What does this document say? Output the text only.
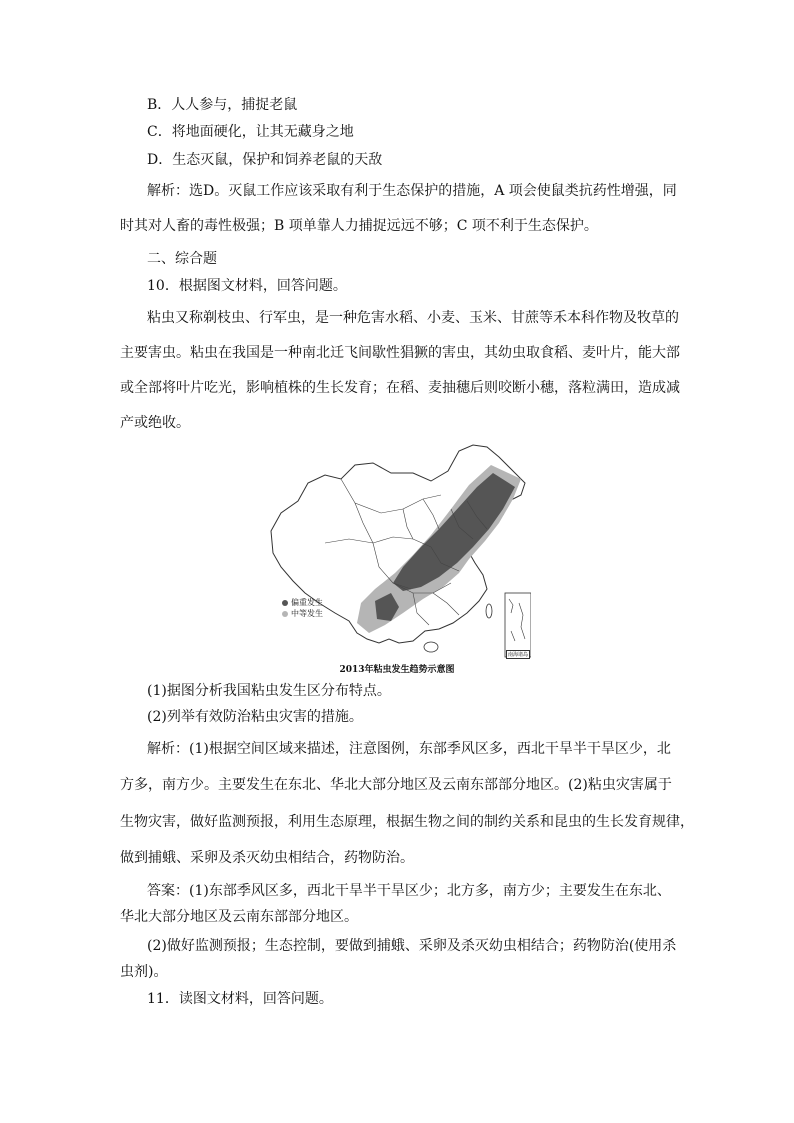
B．人人参与，捕捉老鼠
C．将地面硬化，让其无藏身之地
D．生态灭鼠，保护和饲养老鼠的天敌
解析：选D。灭鼠工作应该采取有利于生态保护的措施，A 项会使鼠类抗药性增强，同
时其对人畜的毒性极强；B 项单靠人力捕捉远远不够；C 项不利于生态保护。
二、综合题
10．根据图文材料，回答问题。
粘虫又称剃枝虫、行军虫，是一种危害水稻、小麦、玉米、甘蔗等禾本科作物及牧草的
主要害虫。粘虫在我国是一种南北迁飞间歇性猖獗的害虫，其幼虫取食稻、麦叶片，能大部
或全部将叶片吃光，影响植株的生长发育；在稻、麦抽穗后则咬断小穗，落粒满田，造成减
产或绝收。
偏重发生
中等发生
南海诸岛
2013年粘虫发生趋势示意图
(1)据图分析我国粘虫发生区分布特点。
(2)列举有效防治粘虫灾害的措施。
解析：(1)根据空间区域来描述，注意图例，东部季风区多，西北干旱半干旱区少，北
方多，南方少。主要发生在东北、华北大部分地区及云南东部部分地区。(2)粘虫灾害属于
生物灾害，做好监测预报，利用生态原理，根据生物之间的制约关系和昆虫的生长发育规律，
做到捕蛾、采卵及杀灭幼虫相结合，药物防治。
答案：(1)东部季风区多，西北干旱半干旱区少；北方多，南方少；主要发生在东北、
华北大部分地区及云南东部部分地区。
(2)做好监测预报；生态控制，要做到捕蛾、采卵及杀灭幼虫相结合；药物防治(使用杀
虫剂)。
11．读图文材料，回答问题。
